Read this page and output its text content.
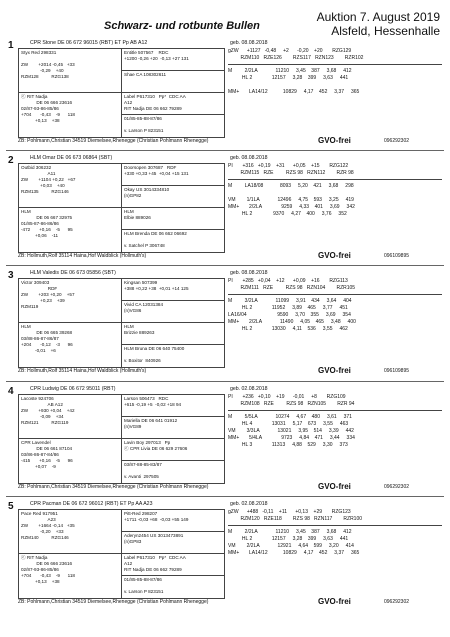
Schwarz- und rotbunte Bullen
Auktion 7. August 2019
Alsfeld, Hessenhalle
1	CPR Stone DE 06 672 96015 (RBT) ET Pp AB A12	geb. 08.08.2018
Styx Red 298331

ZW        +2014 -0,45   +33
-0,29    +40
RZM128          RZG138
ⓔ RIT Nadja
DE 06 666 23616
02/87-93-86-85/86
+704       -0,43    -9      118
+0,13    +38
Entitle 507567    RDC
+1200 -0,26 +20  -0,13 +27 131
Shae CA 108302611
Label P617310   Pp*  CDC AA
A12
RIT Nadja DE 06 662 79289
01/85-85-88-87/86

v. Larson P 823151
gZW      +1127   -0,48     +2      -0,20    +20       RZG129
RZM110   RZE126        RZS117   RZN123        RZR102
M         2/2LA             11210     3,45    387     3,68     412
HL 2              12157     3,28    399     3,63     441

MM+       LA14/12           10829     4,17    452     3,37     365
ZB: Pohlmann,Christian 34519 Diemelsee,Rhenegge (Christian Pohlmann Rhenegge)	GVO-frei	096292302
2	HLM Omar DE 06 673 06864 (SBT)	geb. 08.08.2018
Outbid 306232
A11
ZW        +1104 +0,22   +67
+0,03    +40
RZM135          RZG146
HLM
DE 06 667 32975
01/85-87-86-86/86
-472       +0,16    -5      95
+0,06    -11
Doorsopen 307687   RDF
+330 +0,33 +45  +0,04 +15 131
Okay US 3014334810
(n)GP82
HLM
Elbie 889026
HLM Brenda DE 06 662 06692

v. Satchel P 306748
PI       +316   +0,19    +31      +0,05    +15       RZG122
RZM115   RZE         RZS 98   RZN112        RZR 98
M         LA18/08            8093     5,20    421     3,68     298

VM        1/1LA             12496     4,75    593     3,25     419
MM+       2/2LA              9259     4,33    401     3,69     342
HL 2               9370     4,27    400     3,76     352
ZB: Hollmuth,Rolf 35114 Haina,Hof Waldblick (Hollmuth's)	GVO-frei	096109895
3	HLM Valedis DE 06 673 05856 (SBT)	geb. 08.08.2018
Victor 309403
RDF
ZW        +203 +0,20    +57
+0,23    +39
RZM119
HLM
DE 06 665 39268
03/88-86-87-86/87
+204       -0,12    -3      96
-0,01    +6
Kingsan 507399
+388 +0,22 +38  +0,01 +14 125
Vivid CA 12031384
(n)VG86
HLM
Brizzie 889263
HLM Bruna DE 06 640 75400

v. Boxitor  840926
PI       +285   +0,04    +12      +0,09    +16       RZG113
RZM111   RZE         RZS 98   RZN104        RZR105
M         3/2LA             11099     3,91    434     3,64     404
HL 2              11952     3,89    465     3,77     451
LA16/04                      9590     3,70    355     3,69     354
MM+       2/2LA             11490     4,05    465     3,48     400
HL 2              13030     4,11    536     3,55     462
ZB: Hollmuth,Rolf 35114 Haina,Hof Waldblick (Hollmuth's)	GVO-frei	096109895
4	CPR Ludwig DE 06 672 95011 (RBT)	geb. 02.08.2018
Lacoste 924706
AB A12
ZW        +930 +0,04    +42
-0,09    +34
RZM121          RZG119
CPR Lavendel
DE 06 661 87104
03/86-86-87-84/86
-415       +0,16    -5      96
+0,07    -9
Larson 506473   RDC
+615 -0,19 +5  -0,02 +18 94
Mariella DE 06 641 01912
(n)VG89
Lavin Boy 297013   Pp
ⓔ CPR Livia DE 06 629 27606
03/87-88-85-83/87

v. Avanti  297505
PI       +236   +0,10    +19      -0,01     +8       RZG109
RZM108   RZE         RZS 98   RZN105        RZR 94
M         5/5LA             10274     4,67    480     3,61     371
HL 4              13031     5,17    673     3,55     463
VM        3/3LA             13021     3,95    514     3,39     442
MM+       5/4LA              9723     4,84    471     3,44     334
HL 3              11313     4,88    529     3,30     373
ZB: Pohlmann,Christian 34519 Diemelsee,Rhenegge (Christian Pohlmann Rhenegge)	GVO-frei	096292302
5	CPR Pacman DE 06 672 96012 (RBT) ET Pp AA A23	geb. 02.08.2018
Pace Red 917951
A23
ZW        +1664 -0,14   +35
-0,20    +33
RZM140          RZG146
ⓔ RIT Nadja
DE 06 666 23616
02/87-93-86-85/86
+704       -0,43    -9      118
+0,13    +38
Pitt-Red 298207
+1711 -0,03 +68  -0,03 +55 149
Aderyn2454 US 3013473891
(n)GP83
Label P617310   Pp*  CDC AA
A12
RIT Nadja DE 06 662 79289
01/85-85-88-87/86

v. Larson P 823151
gZW      +488   -0,11    +11      +0,13    +29       RZG123
RZM120   RZE118        RZS 98   RZN117        RZR100
M         2/2LA             11210     3,45    387     3,68     412
HL 2              12157     3,28    399     3,63     441
VM        2/2LA             12921     4,64    599     3,20     414
MM+       LA14/12           10829     4,17    452     3,37     365
ZB: Pohlmann,Christian 34519 Diemelsee,Rhenegge (Christian Pohlmann Rhenegge)	GVO-frei	096292302
